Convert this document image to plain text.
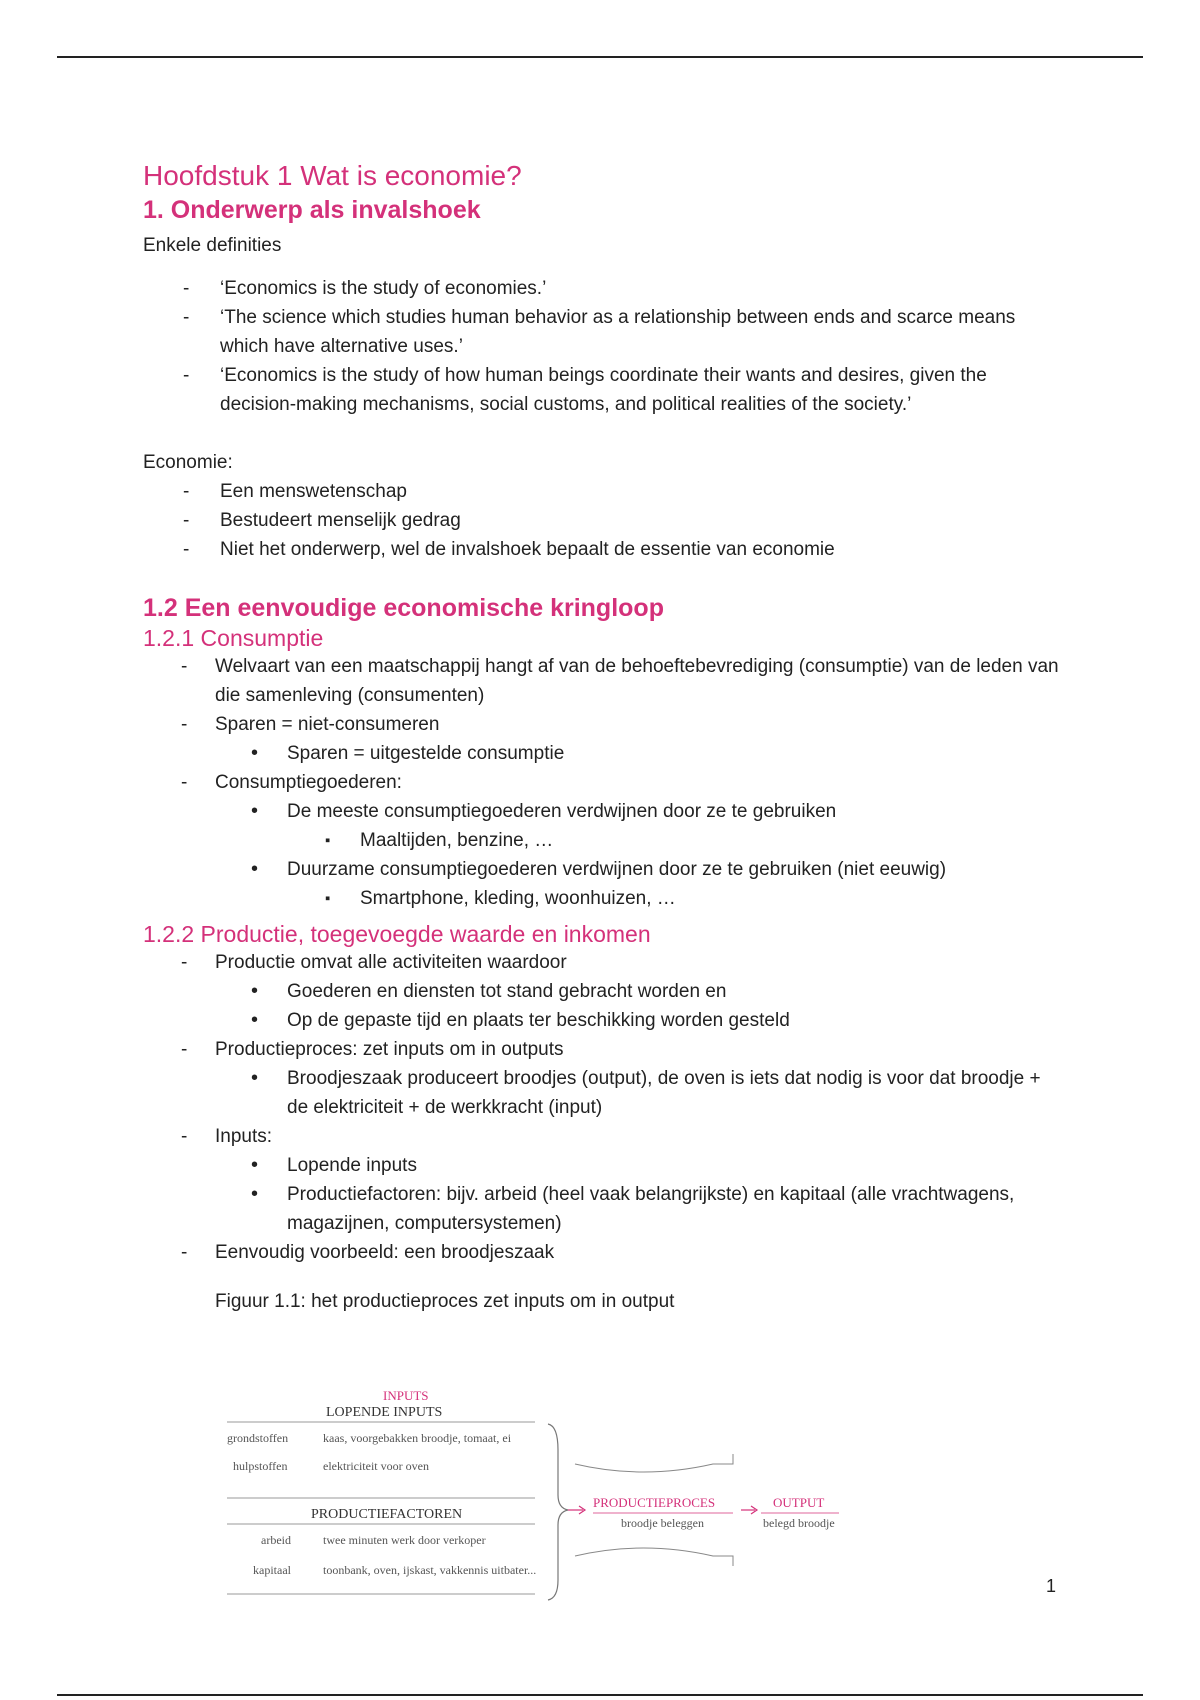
Hoofdstuk 1 Wat is economie?
1. Onderwerp als invalshoek

Enkele definities

- ‘Economics is the study of economies.’
- ‘The science which studies human behavior as a relationship between ends and scarce means which have alternative uses.’
- ‘Economics is the study of how human beings coordinate their wants and desires, given the decision-making mechanisms, social customs, and political realities of the society.’

Economie:

- Een menswetenschap
- Bestudeert menselijk gedrag
- Niet het onderwerp, wel de invalshoek bepaalt de essentie van economie
1.2 Een eenvoudige economische kringloop
1.2.1 Consumptie
- Welvaart van een maatschappij hangt af van de behoeftebevrediging (consumptie) van de leden van die samenleving (consumenten)
- Sparen = niet-consumeren
• Sparen = uitgestelde consumptie
- Consumptiegoederen:
• De meeste consumptiegoederen verdwijnen door ze te gebruiken
▪ Maaltijden, benzine, …
• Duurzame consumptiegoederen verdwijnen door ze te gebruiken (niet eeuwig)
▪ Smartphone, kleding, woonhuizen, …
1.2.2 Productie, toegevoegde waarde en inkomen
- Productie omvat alle activiteiten waardoor
• Goederen en diensten tot stand gebracht worden en
• Op de gepaste tijd en plaats ter beschikking worden gesteld
- Productieproces: zet inputs om in outputs
• Broodjeszaak produceert broodjes (output), de oven is iets dat nodig is voor dat broodje + de elektriciteit + de werkkracht (input)
- Inputs:
• Lopende inputs
• Productiefactoren: bijv. arbeid (heel vaak belangrijkste) en kapitaal (alle vrachtwagens, magazijnen, computersystemen)
- Eenvoudig voorbeeld: een broodjeszaak
Figuur 1.1: het productieproces zet inputs om in output
INPUTS
LOPENDE INPUTS
grondstoffen	kaas, voorgebakken broodje, tomaat, ei
hulpstoffen	elektriciteit voor oven
PRODUCTIEFACTOREN
arbeid	twee minuten werk door verkoper
kapitaal	toonbank, oven, ijskast, vakkennis uitbater...
PRODUCTIEPROCES
broodje beleggen
OUTPUT
belegd broodje
1
